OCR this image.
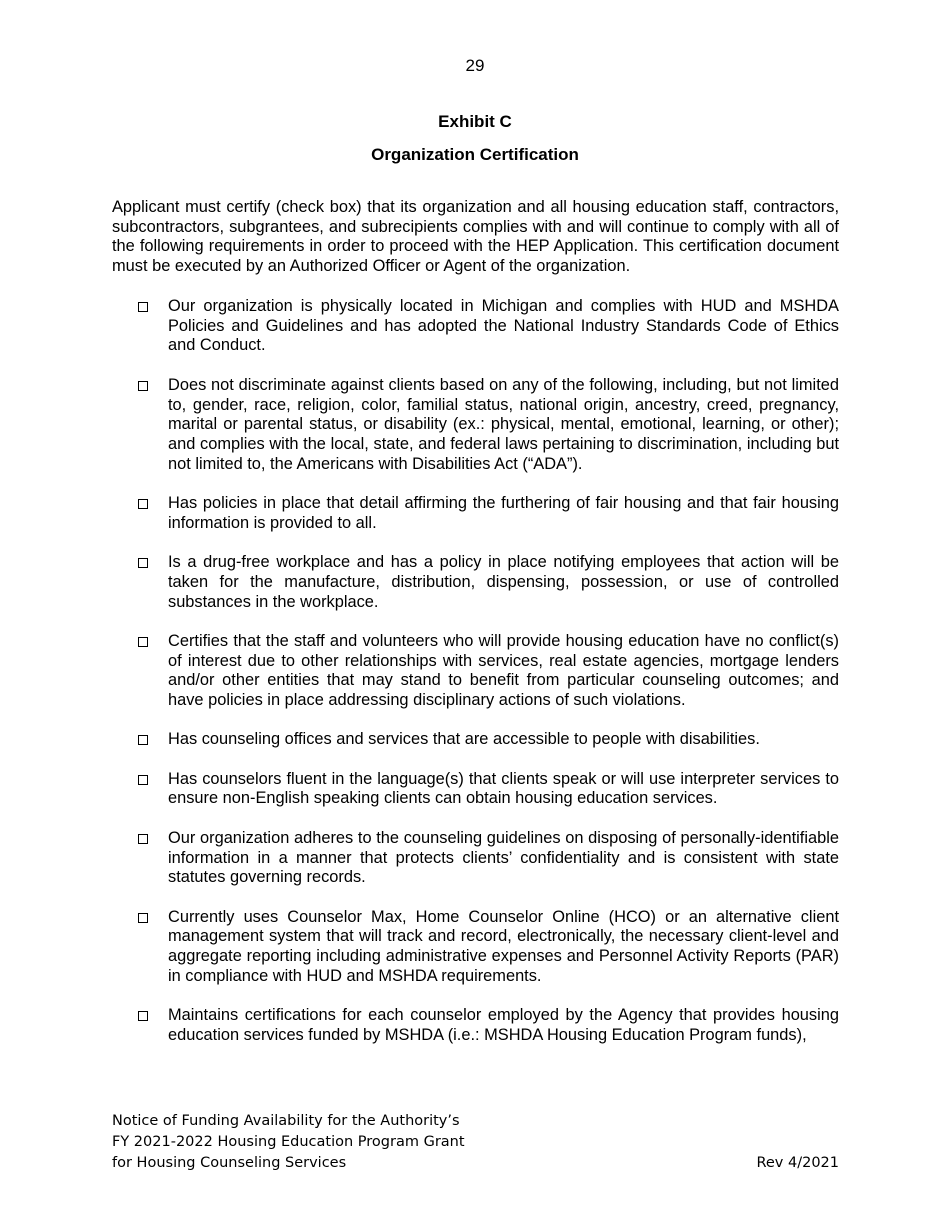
29
Exhibit C
Organization Certification

Applicant must certify (check box) that its organization and all housing education staff, contractors, subcontractors, subgrantees, and subrecipients complies with and will continue to comply with all of the following requirements in order to proceed with the HEP Application. This certification document must be executed by an Authorized Officer or Agent of the organization.

Our organization is physically located in Michigan and complies with HUD and MSHDA Policies and Guidelines and has adopted the National Industry Standards Code of Ethics and Conduct.
Does not discriminate against clients based on any of the following, including, but not limited to, gender, race, religion, color, familial status, national origin, ancestry, creed, pregnancy, marital or parental status, or disability (ex.: physical, mental, emotional, learning, or other); and complies with the local, state, and federal laws pertaining to discrimination, including but not limited to, the Americans with Disabilities Act (“ADA”).
Has policies in place that detail affirming the furthering of fair housing and that fair housing information is provided to all.
Is a drug-free workplace and has a policy in place notifying employees that action will be taken for the manufacture, distribution, dispensing, possession, or use of controlled substances in the workplace.
Certifies that the staff and volunteers who will provide housing education have no conflict(s) of interest due to other relationships with services, real estate agencies, mortgage lenders and/or other entities that may stand to benefit from particular counseling outcomes; and have policies in place addressing disciplinary actions of such violations.
Has counseling offices and services that are accessible to people with disabilities.
Has counselors fluent in the language(s) that clients speak or will use interpreter services to ensure non-English speaking clients can obtain housing education services.
Our organization adheres to the counseling guidelines on disposing of personally-identifiable information in a manner that protects clients’ confidentiality and is consistent with state statutes governing records.
Currently uses Counselor Max, Home Counselor Online (HCO) or an alternative client management system that will track and record, electronically, the necessary client-level and aggregate reporting including administrative expenses and Personnel Activity Reports (PAR) in compliance with HUD and MSHDA requirements.
Maintains certifications for each counselor employed by the Agency that provides housing education services funded by MSHDA (i.e.: MSHDA Housing Education Program funds),
Notice of Funding Availability for the Authority’s
FY 2021-2022 Housing Education Program Grant
for Housing Counseling Services	Rev 4/2021
